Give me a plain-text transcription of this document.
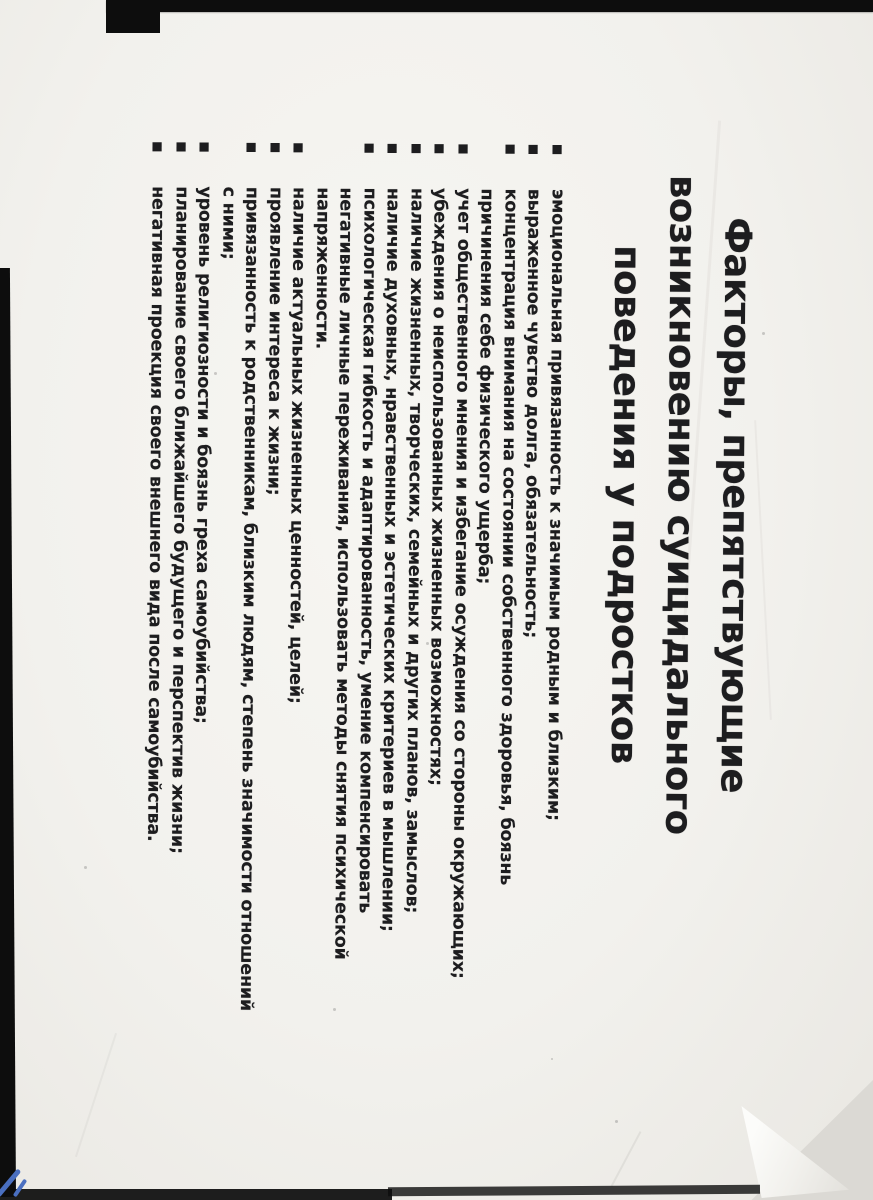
Факторы, препятствующие
возникновению суицидального
поведения у подростков
■
эмоциональная привязанность к значимым родным и близким;
■
выраженное чувство долга, обязательность;
■
концентрация внимания на состоянии собственного здоровья, боязнь
причинения себе физического ущерба;
■
учет общественного мнения и избегание осуждения со стороны окружающих;
■
убеждения о неиспользованных жизненных возможностях;
■
наличие жизненных, творческих, семейных и других планов, замыслов;
■
наличие духовных, нравственных и эстетических критериев в мышлении;
■
психологическая гибкость и адаптированность, умение компенсировать
негативные личные переживания, использовать методы снятия психической
напряженности.
■
наличие актуальных жизненных ценностей, целей;
■
проявление интереса к жизни;
■
привязанность к родственникам, близким людям, степень значимости отношений
с ними;
■
уровень религиозности и боязнь греха самоубийства;
■
планирование своего ближайшего будущего и перспектив жизни;
■
негативная проекция своего внешнего вида после самоубийства.
